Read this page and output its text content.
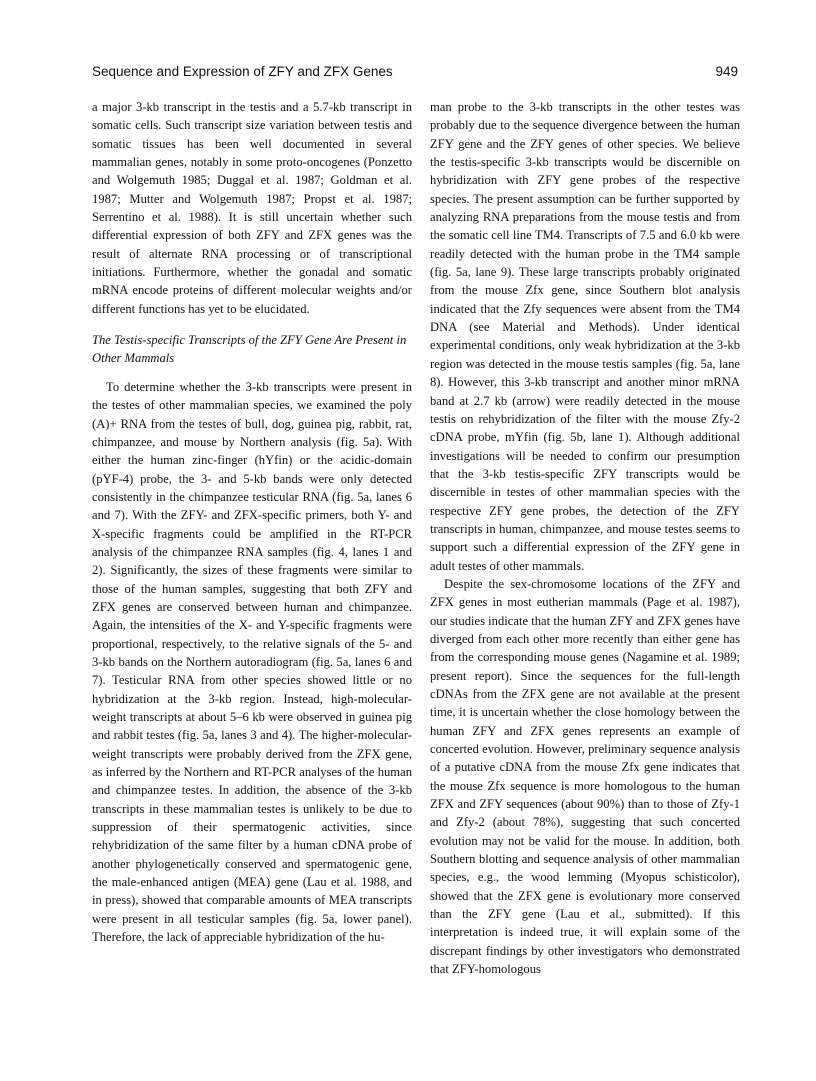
Sequence and Expression of ZFY and ZFX Genes	949

a major 3-kb transcript in the testis and a 5.7-kb transcript in somatic cells. Such transcript size variation between testis and somatic tissues has been well documented in several mammalian genes, notably in some proto-oncogenes (Ponzetto and Wolgemuth 1985; Duggal et al. 1987; Goldman et al. 1987; Mutter and Wolgemuth 1987; Propst et al. 1987; Serrentino et al. 1988). It is still uncertain whether such differential expression of both ZFY and ZFX genes was the result of alternate RNA processing or of transcriptional initiations. Furthermore, whether the gonadal and somatic mRNA encode proteins of different molecular weights and/or different functions has yet to be elucidated.

The Testis-specific Transcripts of the ZFY Gene Are Present in Other Mammals

To determine whether the 3-kb transcripts were present in the testes of other mammalian species, we examined the poly (A)+ RNA from the testes of bull, dog, guinea pig, rabbit, rat, chimpanzee, and mouse by Northern analysis (fig. 5a). With either the human zinc-finger (hYfin) or the acidic-domain (pYF-4) probe, the 3- and 5-kb bands were only detected consistently in the chimpanzee testicular RNA (fig. 5a, lanes 6 and 7). With the ZFY- and ZFX-specific primers, both Y- and X-specific fragments could be amplified in the RT-PCR analysis of the chimpanzee RNA samples (fig. 4, lanes 1 and 2). Significantly, the sizes of these fragments were similar to those of the human samples, suggesting that both ZFY and ZFX genes are conserved between human and chimpanzee. Again, the intensities of the X- and Y-specific fragments were proportional, respectively, to the relative signals of the 5- and 3-kb bands on the Northern autoradiogram (fig. 5a, lanes 6 and 7). Testicular RNA from other species showed little or no hybridization at the 3-kb region. Instead, high-molecular-weight transcripts at about 5–6 kb were observed in guinea pig and rabbit testes (fig. 5a, lanes 3 and 4). The higher-molecular-weight transcripts were probably derived from the ZFX gene, as inferred by the Northern and RT-PCR analyses of the human and chimpanzee testes. In addition, the absence of the 3-kb transcripts in these mammalian testes is unlikely to be due to suppression of their spermatogenic activities, since rehybridization of the same filter by a human cDNA probe of another phylogenetically conserved and spermatogenic gene, the male-enhanced antigen (MEA) gene (Lau et al. 1988, and in press), showed that comparable amounts of MEA transcripts were present in all testicular samples (fig. 5a, lower panel). Therefore, the lack of appreciable hybridization of the hu-

man probe to the 3-kb transcripts in the other testes was probably due to the sequence divergence between the human ZFY gene and the ZFY genes of other species. We believe the testis-specific 3-kb transcripts would be discernible on hybridization with ZFY gene probes of the respective species. The present assumption can be further supported by analyzing RNA preparations from the mouse testis and from the somatic cell line TM4. Transcripts of 7.5 and 6.0 kb were readily detected with the human probe in the TM4 sample (fig. 5a, lane 9). These large transcripts probably originated from the mouse Zfx gene, since Southern blot analysis indicated that the Zfy sequences were absent from the TM4 DNA (see Material and Methods). Under identical experimental conditions, only weak hybridization at the 3-kb region was detected in the mouse testis samples (fig. 5a, lane 8). However, this 3-kb transcript and another minor mRNA band at 2.7 kb (arrow) were readily detected in the mouse testis on rehybridization of the filter with the mouse Zfy-2 cDNA probe, mYfin (fig. 5b, lane 1). Although additional investigations will be needed to confirm our presumption that the 3-kb testis-specific ZFY transcripts would be discernible in testes of other mammalian species with the respective ZFY gene probes, the detection of the ZFY transcripts in human, chimpanzee, and mouse testes seems to support such a differential expression of the ZFY gene in adult testes of other mammals.

Despite the sex-chromosome locations of the ZFY and ZFX genes in most eutherian mammals (Page et al. 1987), our studies indicate that the human ZFY and ZFX genes have diverged from each other more recently than either gene has from the corresponding mouse genes (Nagamine et al. 1989; present report). Since the sequences for the full-length cDNAs from the ZFX gene are not available at the present time, it is uncertain whether the close homology between the human ZFY and ZFX genes represents an example of concerted evolution. However, preliminary sequence analysis of a putative cDNA from the mouse Zfx gene indicates that the mouse Zfx sequence is more homologous to the human ZFX and ZFY sequences (about 90%) than to those of Zfy-1 and Zfy-2 (about 78%), suggesting that such concerted evolution may not be valid for the mouse. In addition, both Southern blotting and sequence analysis of other mammalian species, e.g., the wood lemming (Myopus schisticolor), showed that the ZFX gene is evolutionary more conserved than the ZFY gene (Lau et al., submitted). If this interpretation is indeed true, it will explain some of the discrepant findings by other investigators who demonstrated that ZFY-homologous
